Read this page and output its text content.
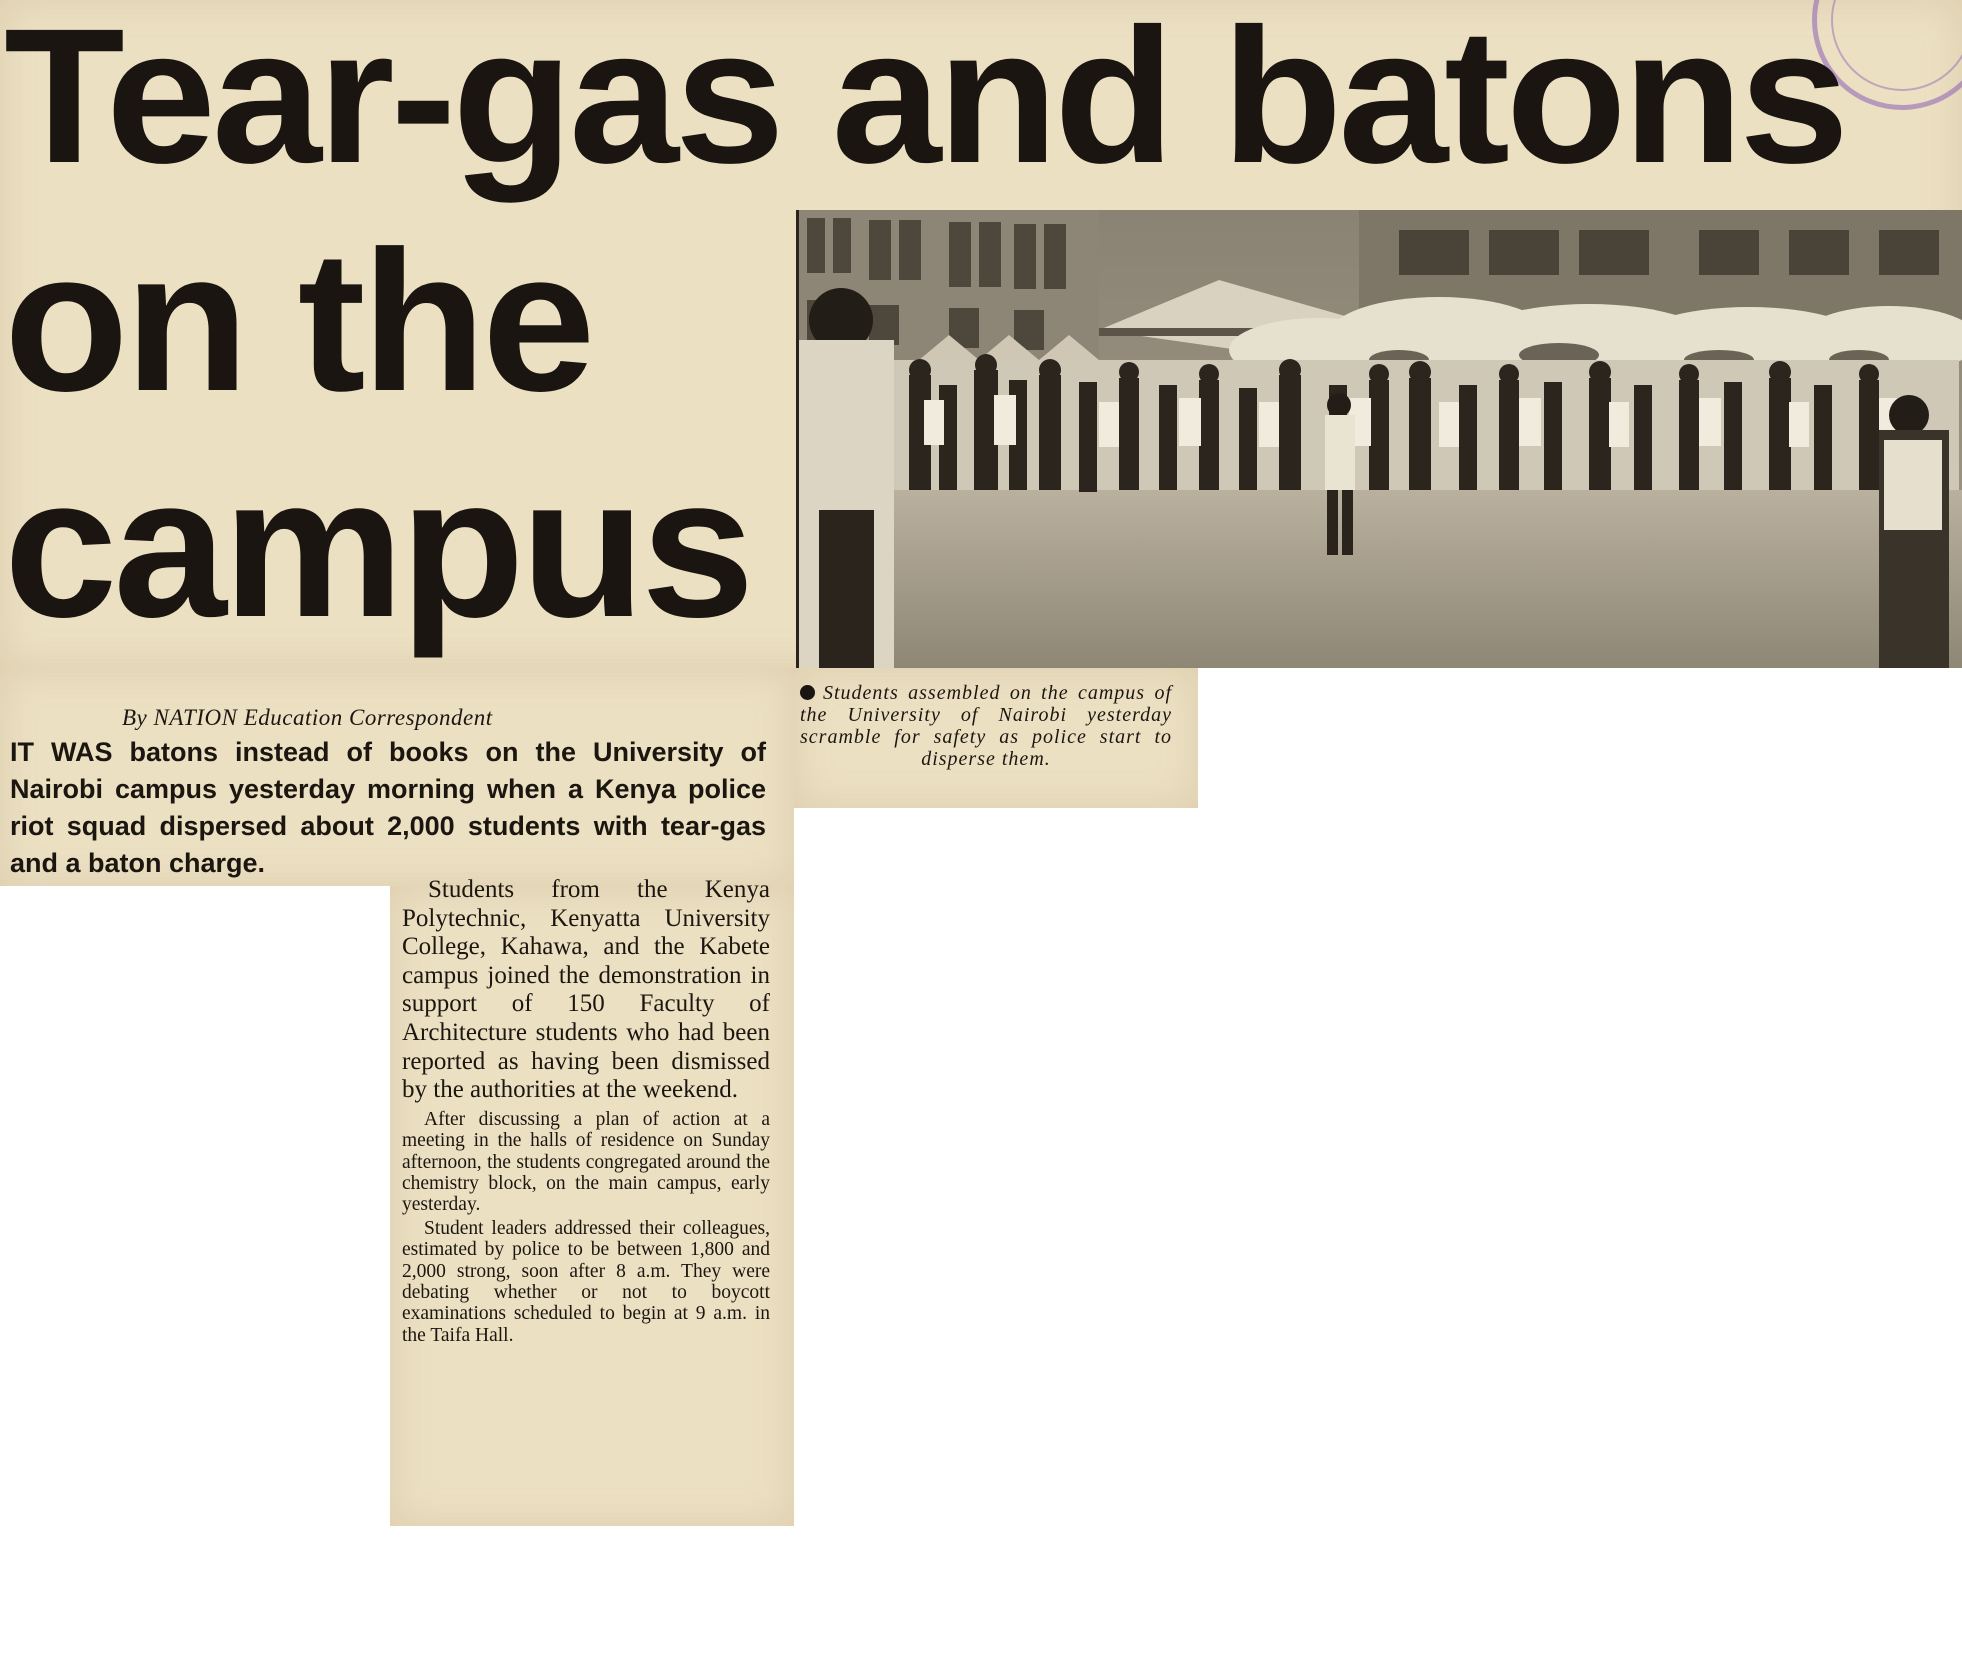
Tear-gas and batons
on the
campus

Students assembled on the campus of the University of Nairobi yesterday scramble for safety as police start to disperse them.

By NATION Education Correspondent

IT WAS batons instead of books on the University of Nairobi campus yesterday morning when a Kenya police riot squad dispersed about 2,000 students with tear-gas and a baton charge.

Students from the Kenya Polytechnic, Kenyatta University College, Kahawa, and the Kabete campus joined the demonstration in support of 150 Faculty of Architecture students who had been reported as having been dismissed by the authorities at the weekend.

After discussing a plan of action at a meeting in the halls of residence on Sunday afternoon, the students congregated around the chemistry block, on the main campus, early yesterday.

Student leaders addressed their colleagues, estimated by police to be between 1,800 and 2,000 strong, soon after 8 a.m. They were debating whether or not to boycott examinations scheduled to begin at 9 a.m. in the Taifa Hall.
